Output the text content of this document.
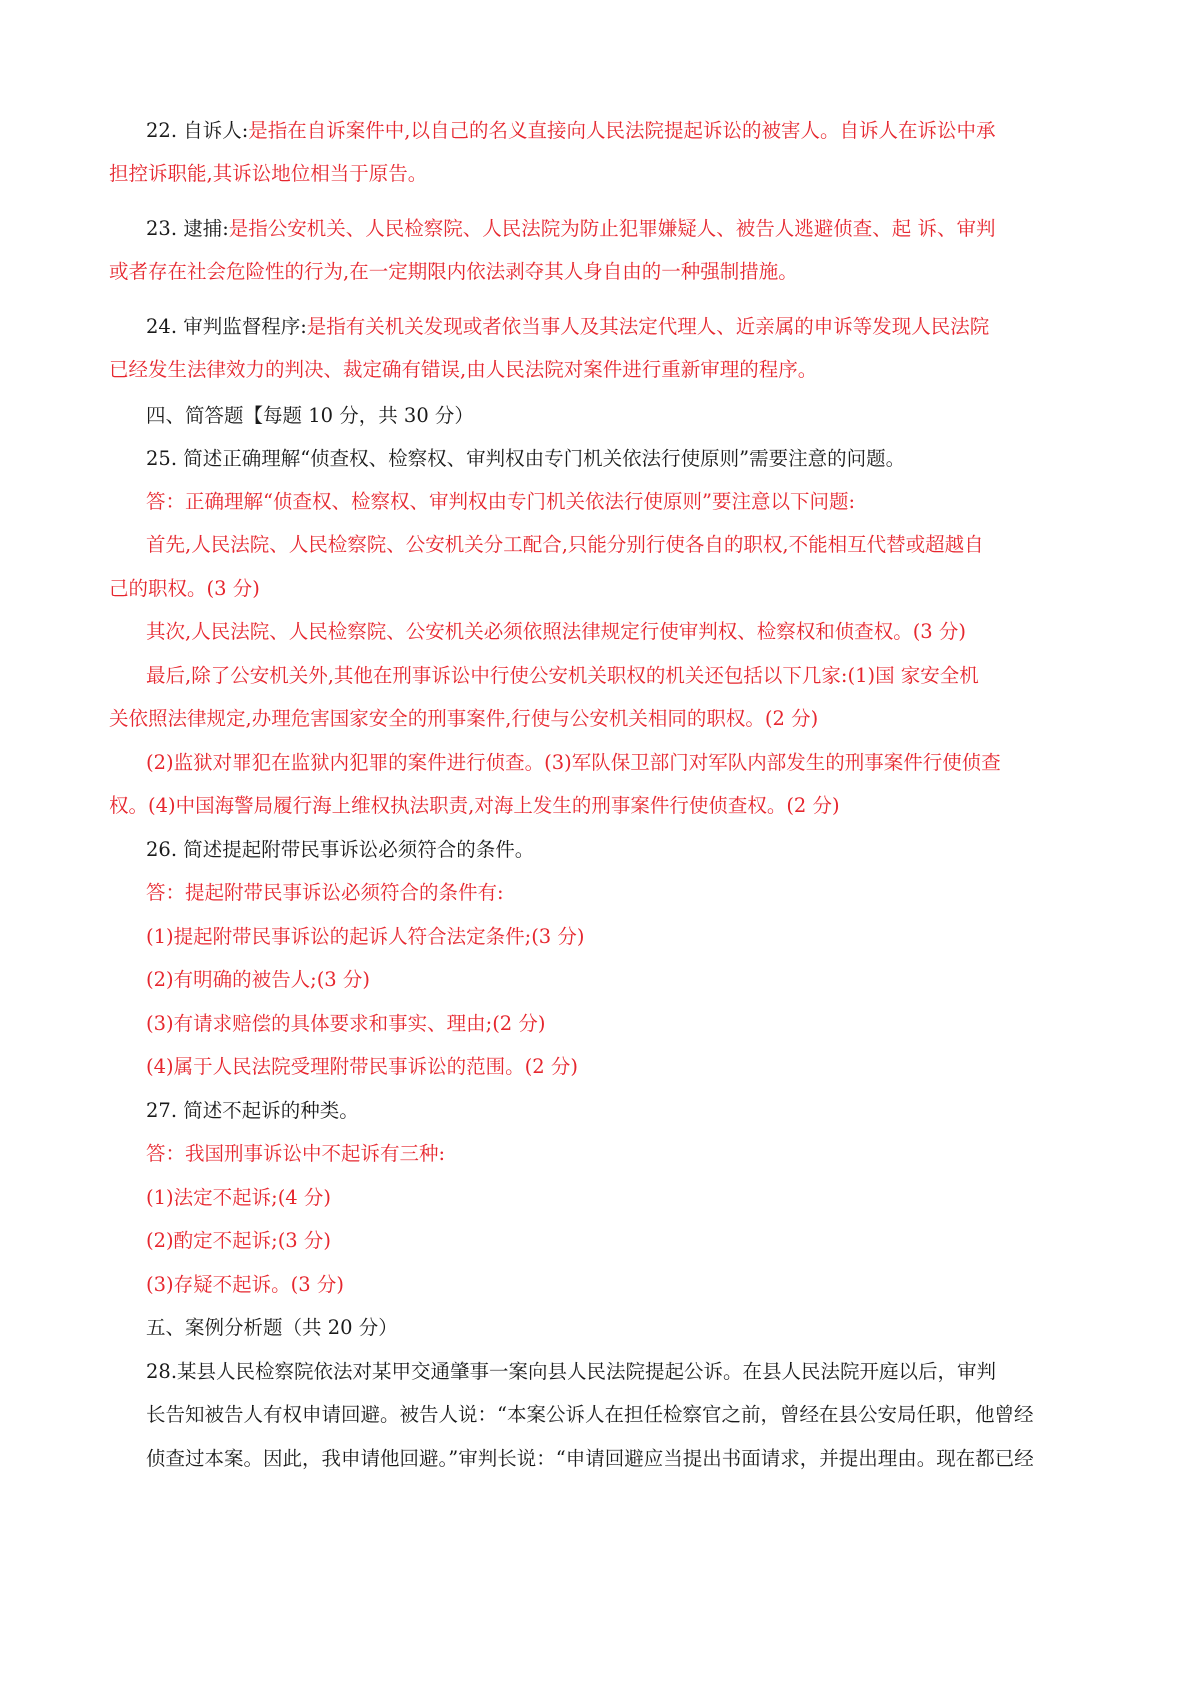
22. 自诉人:是指在自诉案件中,以自己的名义直接向人民法院提起诉讼的被害人。自诉人在诉讼中承
担控诉职能,其诉讼地位相当于原告。
23. 逮捕:是指公安机关、人民检察院、人民法院为防止犯罪嫌疑人、被告人逃避侦查、起 诉、审判
或者存在社会危险性的行为,在一定期限内依法剥夺其人身自由的一种强制措施。
24. 审判监督程序:是指有关机关发现或者依当事人及其法定代理人、近亲属的申诉等发现人民法院
已经发生法律效力的判决、裁定确有错误,由人民法院对案件进行重新审理的程序。
四、简答题【每题 10 分，共 30 分）
25. 简述正确理解“侦查权、检察权、审判权由专门机关依法行使原则”需要注意的问题。
答：正确理解“侦查权、检察权、审判权由专门机关依法行使原则”要注意以下问题:
首先,人民法院、人民检察院、公安机关分工配合,只能分别行使各自的职权,不能相互代替或超越自
己的职权。(3 分)
其次,人民法院、人民检察院、公安机关必须依照法律规定行使审判权、检察权和侦查权。(3 分)
最后,除了公安机关外,其他在刑事诉讼中行使公安机关职权的机关还包括以下几家:(1)国 家安全机
关依照法律规定,办理危害国家安全的刑事案件,行使与公安机关相同的职权。(2 分)
(2)监狱对罪犯在监狱内犯罪的案件进行侦查。(3)军队保卫部门对军队内部发生的刑事案件行使侦查
权。(4)中国海警局履行海上维权执法职责,对海上发生的刑事案件行使侦查权。(2 分)
26. 简述提起附带民事诉讼必须符合的条件。
答：提起附带民事诉讼必须符合的条件有:
(1)提起附带民事诉讼的起诉人符合法定条件;(3 分)
(2)有明确的被告人;(3 分)
(3)有请求赔偿的具体要求和事实、理由;(2 分)
(4)属于人民法院受理附带民事诉讼的范围。(2 分)
27. 简述不起诉的种类。
答：我国刑事诉讼中不起诉有三种:
(1)法定不起诉;(4 分)
(2)酌定不起诉;(3 分)
(3)存疑不起诉。(3 分)
五、案例分析题（共 20 分）
28.某县人民检察院依法对某甲交通肇事一案向县人民法院提起公诉。在县人民法院开庭以后，审判
长告知被告人有权申请回避。被告人说：“本案公诉人在担任检察官之前，曾经在县公安局任职，他曾经
侦查过本案。因此，我申请他回避。”审判长说：“申请回避应当提出书面请求，并提出理由。现在都已经
